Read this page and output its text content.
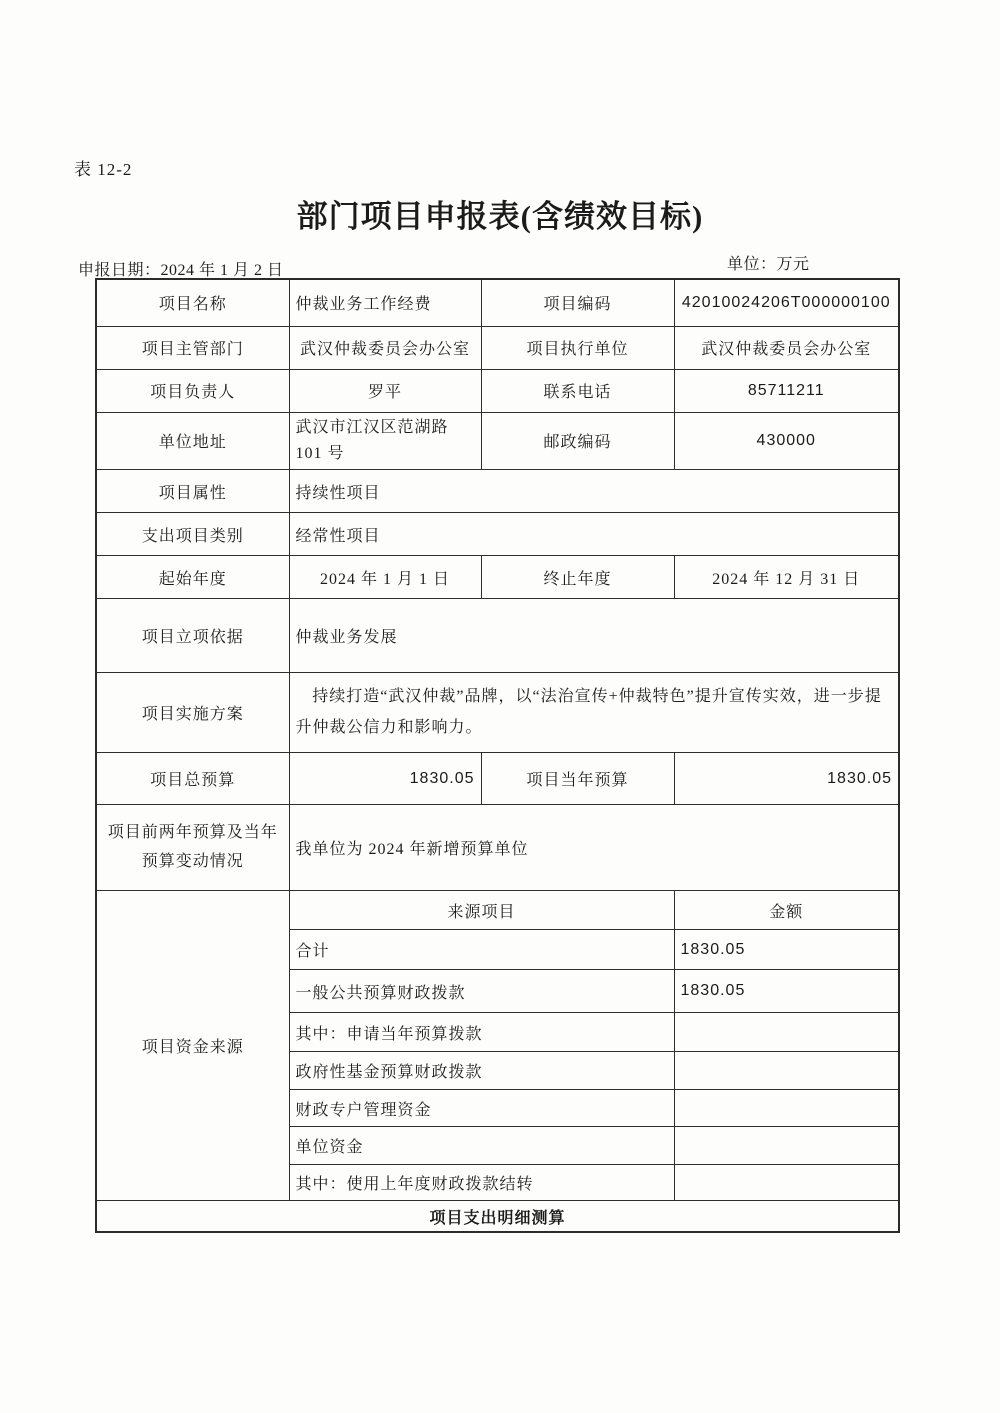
表 12-2
部门项目申报表(含绩效目标)
申报日期：2024 年 1 月 2 日	单位：万元
项目名称	仲裁业务工作经费	项目编码	42010024206T000000100
项目主管部门	武汉仲裁委员会办公室	项目执行单位	武汉仲裁委员会办公室
项目负责人	罗平	联系电话	85711211
单位地址	武汉市江汉区范湖路 101 号	邮政编码	430000
项目属性	持续性项目		
支出项目类别	经常性项目		
起始年度	2024 年 1 月 1 日	终止年度	2024 年 12 月 31 日
项目立项依据	仲裁业务发展		
项目实施方案	持续打造“武汉仲裁”品牌，以“法治宣传+仲裁特色”提升宣传实效，进一步提升仲裁公信力和影响力。		
项目总预算	1830.05	项目当年预算	1830.05
项目前两年预算及当年预算变动情况	我单位为 2024 年新增预算单位		
项目资金来源	来源项目		金额
	合计		1830.05
	一般公共预算财政拨款		1830.05
	其中：申请当年预算拨款		
	政府性基金预算财政拨款		
	财政专户管理资金		
	单位资金		
	其中：使用上年度财政拨款结转		
项目支出明细测算			
